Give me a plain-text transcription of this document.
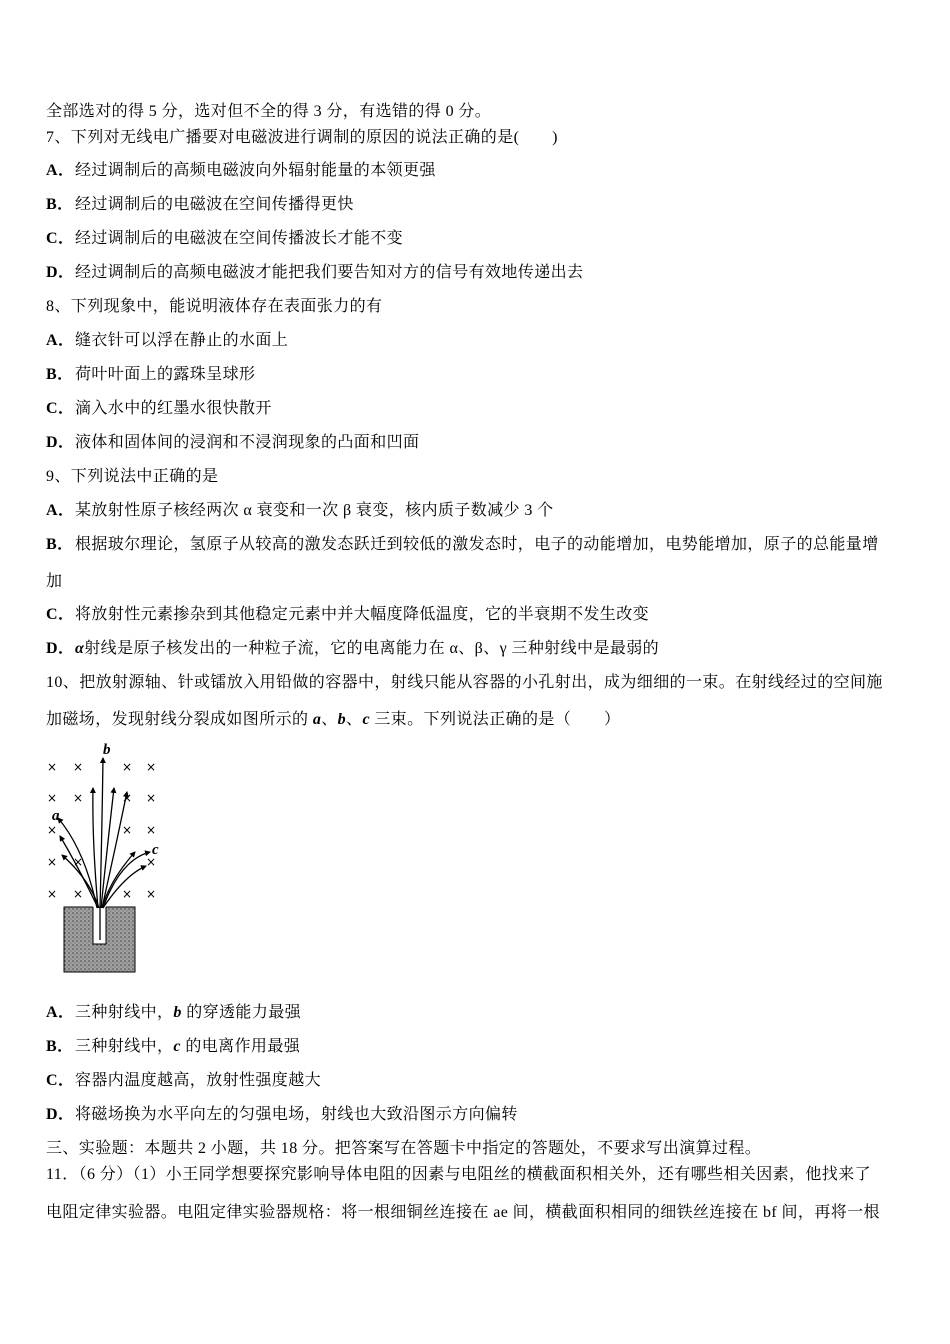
全部选对的得 5 分，选对但不全的得 3 分，有选错的得 0 分。
7、下列对无线电广播要对电磁波进行调制的原因的说法正确的是(　　)
A．经过调制后的高频电磁波向外辐射能量的本领更强
B．经过调制后的电磁波在空间传播得更快
C．经过调制后的电磁波在空间传播波长才能不变
D．经过调制后的高频电磁波才能把我们要告知对方的信号有效地传递出去
8、下列现象中，能说明液体存在表面张力的有
A．缝衣针可以浮在静止的水面上
B．荷叶叶面上的露珠呈球形
C．滴入水中的红墨水很快散开
D．液体和固体间的浸润和不浸润现象的凸面和凹面
9、下列说法中正确的是
A．某放射性原子核经两次 α 衰变和一次 β 衰变，核内质子数减少 3 个
B．根据玻尔理论，氢原子从较高的激发态跃迁到较低的激发态时，电子的动能增加，电势能增加，原子的总能量增
加
C．将放射性元素掺杂到其他稳定元素中并大幅度降低温度，它的半衰期不发生改变
D．α射线是原子核发出的一种粒子流，它的电离能力在 α、β、γ 三种射线中是最弱的
10、把放射源轴、针或镭放入用铅做的容器中，射线只能从容器的小孔射出，成为细细的一束。在射线经过的空间施
加磁场，发现射线分裂成如图所示的 a、b、c 三束。下列说法正确的是（　　）
× ×	× ×
× ×	× ×
×	× ×
× ×	×
× ×	× ×
b
a
c
A．三种射线中，b 的穿透能力最强
B．三种射线中，c 的电离作用最强
C．容器内温度越高，放射性强度越大
D．将磁场换为水平向左的匀强电场，射线也大致沿图示方向偏转
三、实验题：本题共 2 小题，共 18 分。把答案写在答题卡中指定的答题处，不要求写出演算过程。
11．（6 分）（1）小王同学想要探究影响导体电阻的因素与电阻丝的横截面积相关外，还有哪些相关因素，他找来了
电阻定律实验器。电阻定律实验器规格：将一根细铜丝连接在 ae 间，横截面积相同的细铁丝连接在 bf 间，再将一根
